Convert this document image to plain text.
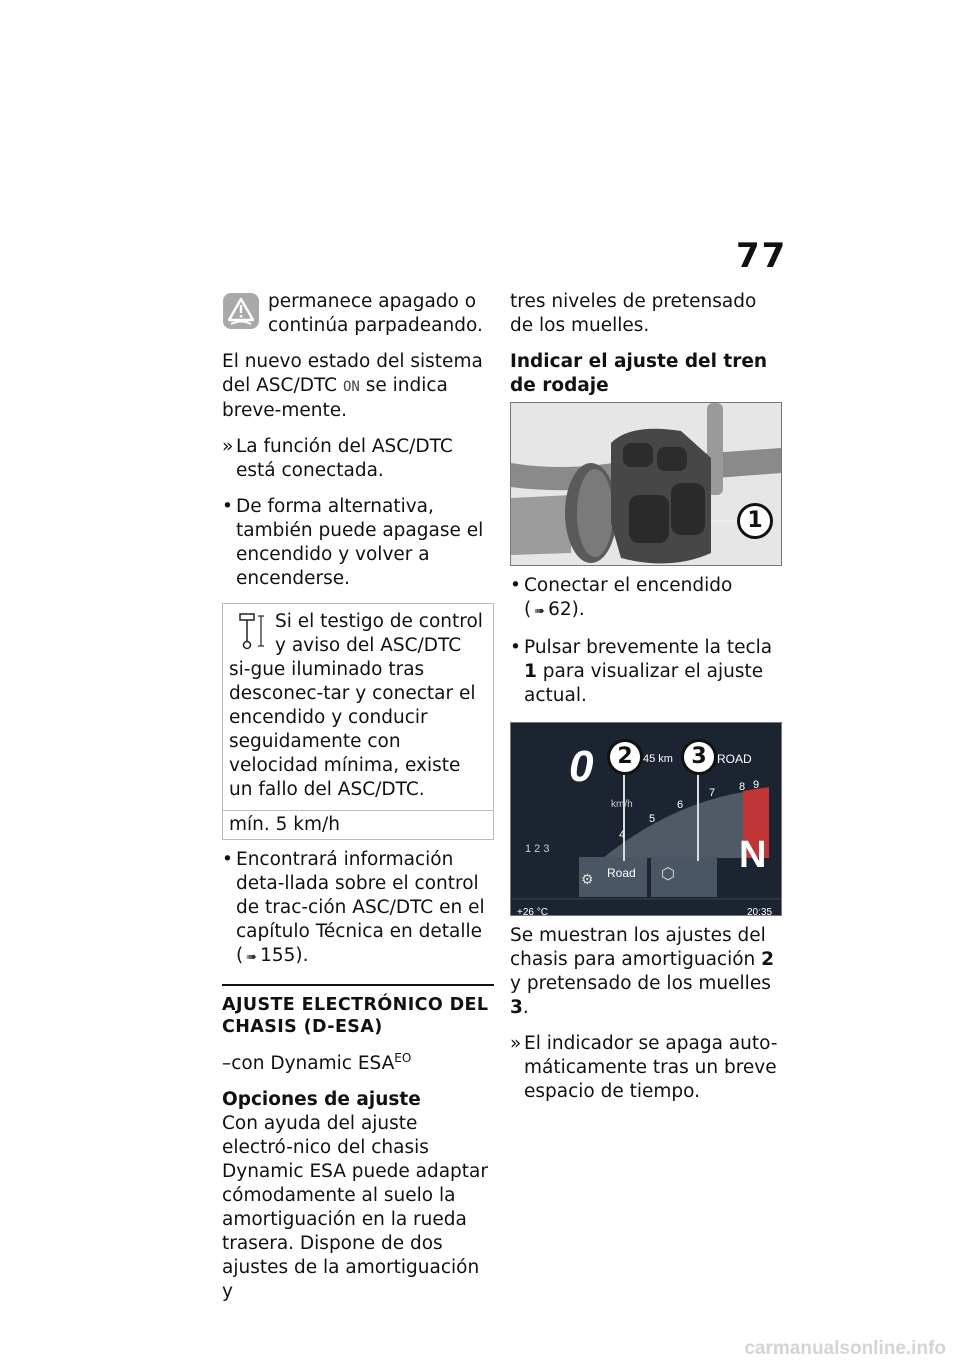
77
permanece apagado o continúa parpadeando.

El nuevo estado del sistema del ASC/DTC ON se indica breve-mente.

» La función del ASC/DTC está conectada.
• De forma alternativa, también puede apagase el encendido y volver a encenderse.
Si el testigo de control y aviso del ASC/DTC si-gue iluminado tras desconec-tar y conectar el encendido y conducir seguidamente con velocidad mínima, existe un fallo del ASC/DTC.
mín. 5 km/h
• Encontrará información deta-llada sobre el control de trac-ción ASC/DTC en el capítulo Técnica en detalle ( ➠ 155).
AJUSTE ELECTRÓNICO DEL CHASIS (D-ESA)

–con Dynamic $ESA^{EO}$

Opciones de ajuste

Con ayuda del ajuste electró-nico del chasis Dynamic ESA puede adaptar cómodamente al suelo la amortiguación en la rueda trasera. Dispone de dos ajustes de la amortiguación y

tres niveles de pretensado de los muelles.

Indicar el ajuste del tren de rodaje

1
• Conectar el encendido ( ➠ 62).
• Pulsar brevemente la tecla 1 para visualizar el ajuste actual.
2	3
45 km	ROAD
0
km/h
1 2 3
4
5
6
7 8 9
Road
⚙	⬡ N
+26 °C	20:35

Se muestran los ajustes del chasis para amortiguación 2 y pretensado de los muelles 3.

» El indicador se apaga auto-máticamente tras un breve espacio de tiempo.
carmanualsonline.info
